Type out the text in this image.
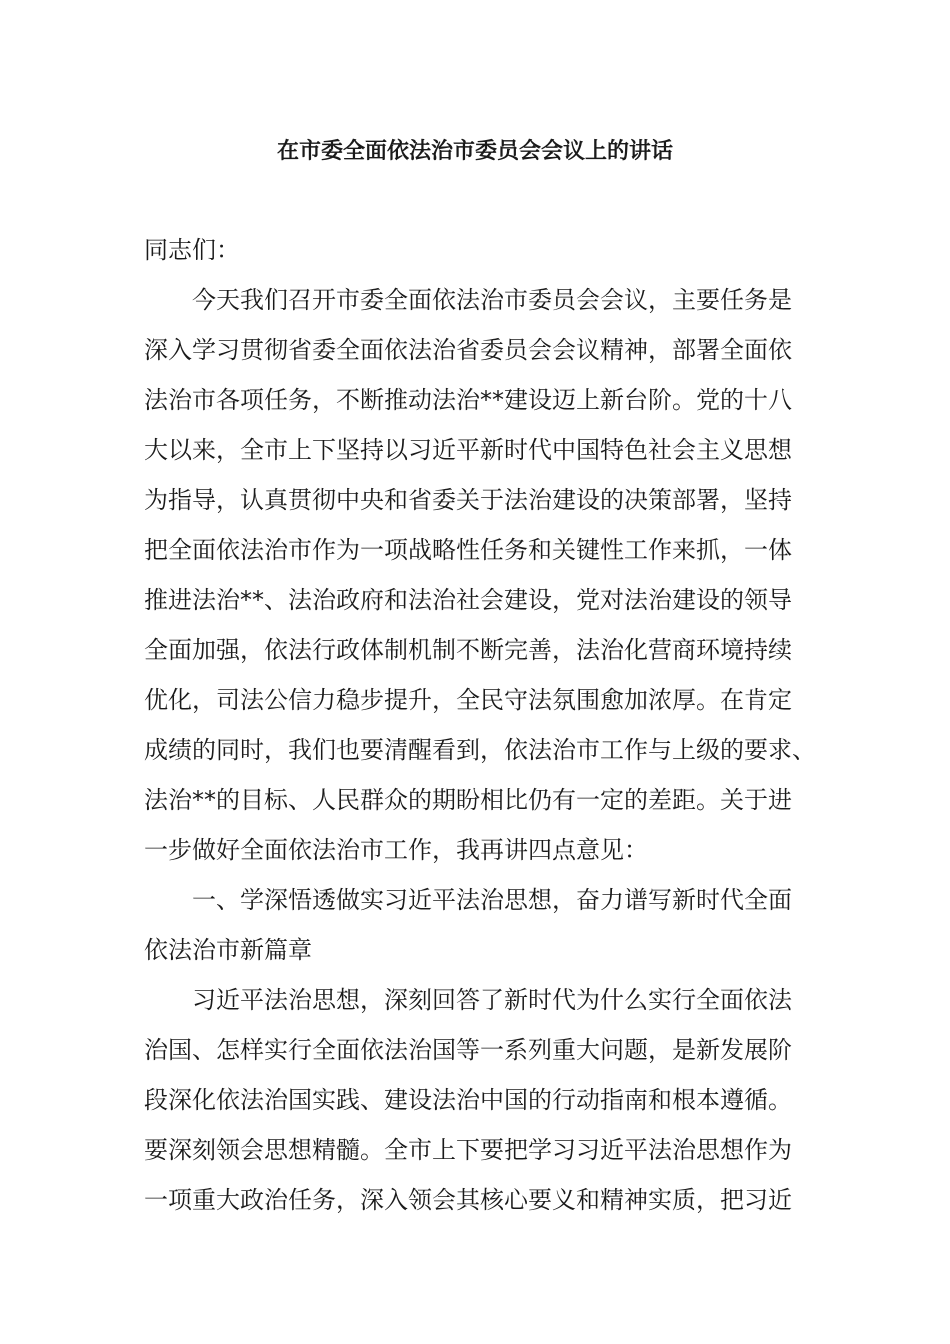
在市委全面依法治市委员会会议上的讲话
同志们：
今天我们召开市委全面依法治市委员会会议，主要任务是
深入学习贯彻省委全面依法治省委员会会议精神，部署全面依
法治市各项任务，不断推动法治**建设迈上新台阶。党的十八
大以来，全市上下坚持以习近平新时代中国特色社会主义思想
为指导，认真贯彻中央和省委关于法治建设的决策部署，坚持
把全面依法治市作为一项战略性任务和关键性工作来抓，一体
推进法治**、法治政府和法治社会建设，党对法治建设的领导
全面加强，依法行政体制机制不断完善，法治化营商环境持续
优化，司法公信力稳步提升，全民守法氛围愈加浓厚。在肯定
成绩的同时，我们也要清醒看到，依法治市工作与上级的要求、
法治**的目标、人民群众的期盼相比仍有一定的差距。关于进
一步做好全面依法治市工作，我再讲四点意见：
一、学深悟透做实习近平法治思想，奋力谱写新时代全面
依法治市新篇章
习近平法治思想，深刻回答了新时代为什么实行全面依法
治国、怎样实行全面依法治国等一系列重大问题，是新发展阶
段深化依法治国实践、建设法治中国的行动指南和根本遵循。
要深刻领会思想精髓。全市上下要把学习习近平法治思想作为
一项重大政治任务，深入领会其核心要义和精神实质，把习近
